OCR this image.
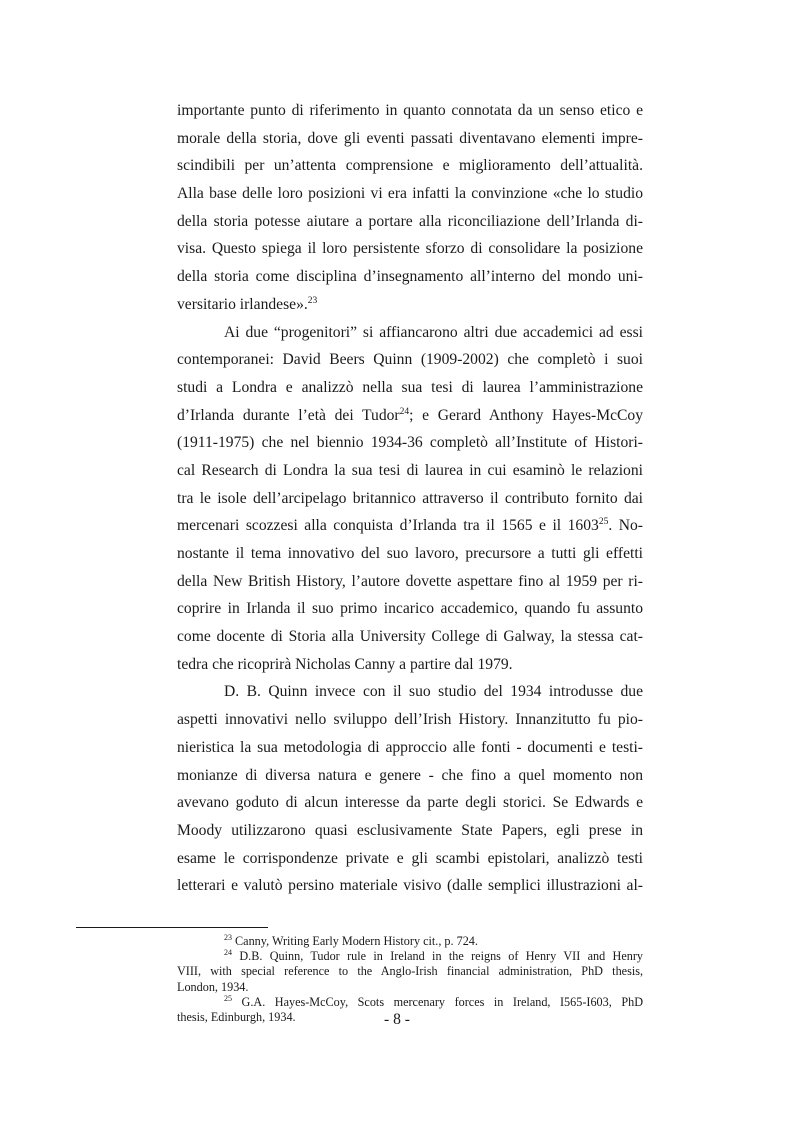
importante punto di riferimento in quanto connotata da un senso etico e
morale della storia, dove gli eventi passati diventavano elementi impre-
scindibili per un’attenta comprensione e miglioramento dell’attualità.
Alla base delle loro posizioni vi era infatti la convinzione «che lo studio
della storia potesse aiutare a portare alla riconciliazione dell’Irlanda di-
visa. Questo spiega il loro persistente sforzo di consolidare la posizione
della storia come disciplina d’insegnamento all’interno del mondo uni-
versitario irlandese».$^{23}$
Ai due “progenitori” si affiancarono altri due accademici ad essi
contemporanei: David Beers Quinn (1909-2002) che completò i suoi
studi a Londra e analizzò nella sua tesi di laurea l’amministrazione
d’Irlanda durante l’età dei Tudor$^{24}$; e Gerard Anthony Hayes-McCoy
(1911-1975) che nel biennio 1934-36 completò all’Institute of Histori-
cal Research di Londra la sua tesi di laurea in cui esaminò le relazioni
tra le isole dell’arcipelago britannico attraverso il contributo fornito dai
mercenari scozzesi alla conquista d’Irlanda tra il 1565 e il 1603$^{25}$. No-
nostante il tema innovativo del suo lavoro, precursore a tutti gli effetti
della New British History, l’autore dovette aspettare fino al 1959 per ri-
coprire in Irlanda il suo primo incarico accademico, quando fu assunto
come docente di Storia alla University College di Galway, la stessa cat-
tedra che ricoprirà Nicholas Canny a partire dal 1979.
D. B. Quinn invece con il suo studio del 1934 introdusse due
aspetti innovativi nello sviluppo dell’Irish History. Innanzitutto fu pio-
nieristica la sua metodologia di approccio alle fonti - documenti e testi-
monianze di diversa natura e genere - che fino a quel momento non
avevano goduto di alcun interesse da parte degli storici. Se Edwards e
Moody utilizzarono quasi esclusivamente State Papers, egli prese in
esame le corrispondenze private e gli scambi epistolari, analizzò testi
letterari e valutò persino materiale visivo (dalle semplici illustrazioni al-
$^{23}$ Canny, Writing Early Modern History cit., p. 724.
$^{24}$ D.B. Quinn, Tudor rule in Ireland in the reigns of Henry VII and Henry
VIII, with special reference to the Anglo-Irish financial administration, PhD thesis,
London, 1934.
$^{25}$ G.A. Hayes-McCoy, Scots mercenary forces in Ireland, I565-I603, PhD
thesis, Edinburgh, 1934.	- 8 -
